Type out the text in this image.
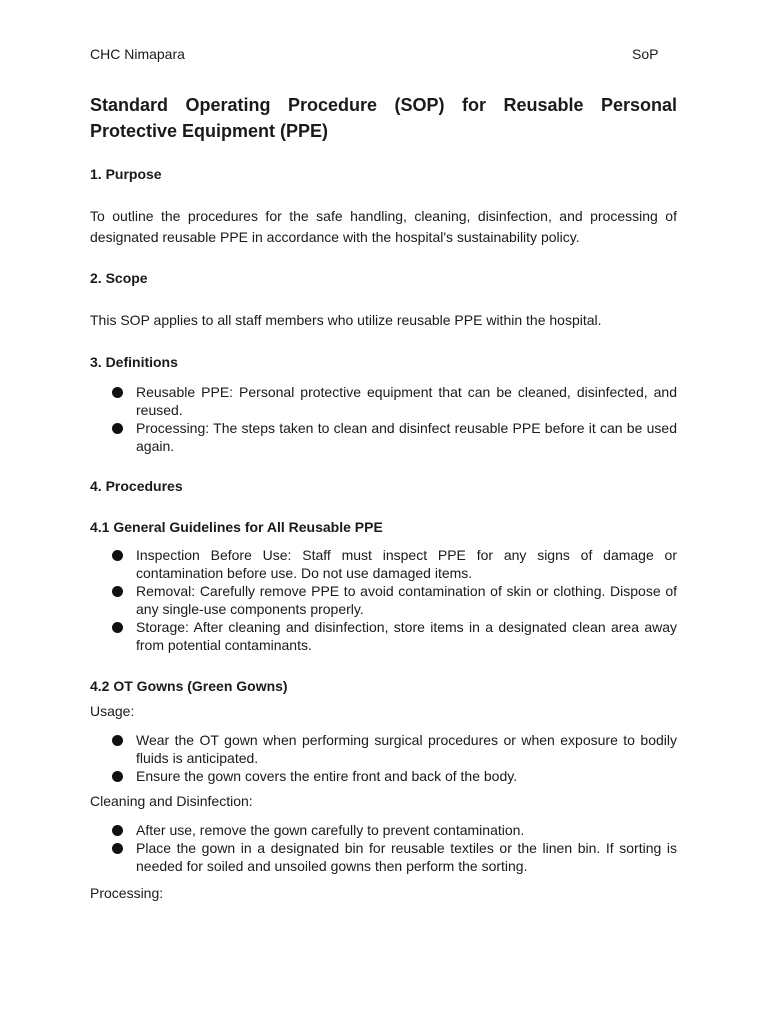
CHC Nimapara	SoP
Standard Operating Procedure (SOP) for Reusable Personal Protective Equipment (PPE)
1. Purpose

To outline the procedures for the safe handling, cleaning, disinfection, and processing of designated reusable PPE in accordance with the hospital's sustainability policy.

2. Scope

This SOP applies to all staff members who utilize reusable PPE within the hospital.

3. Definitions
Reusable PPE: Personal protective equipment that can be cleaned, disinfected, and reused.
Processing: The steps taken to clean and disinfect reusable PPE before it can be used again.
4. Procedures
4.1 General Guidelines for All Reusable PPE
Inspection Before Use: Staff must inspect PPE for any signs of damage or contamination before use. Do not use damaged items.
Removal: Carefully remove PPE to avoid contamination of skin or clothing. Dispose of any single-use components properly.
Storage: After cleaning and disinfection, store items in a designated clean area away from potential contaminants.
4.2 OT Gowns (Green Gowns)

Usage:

Wear the OT gown when performing surgical procedures or when exposure to bodily fluids is anticipated.
Ensure the gown covers the entire front and back of the body.

Cleaning and Disinfection:

After use, remove the gown carefully to prevent contamination.
Place the gown in a designated bin for reusable textiles or the linen bin. If sorting is needed for soiled and unsoiled gowns then perform the sorting.

Processing:
